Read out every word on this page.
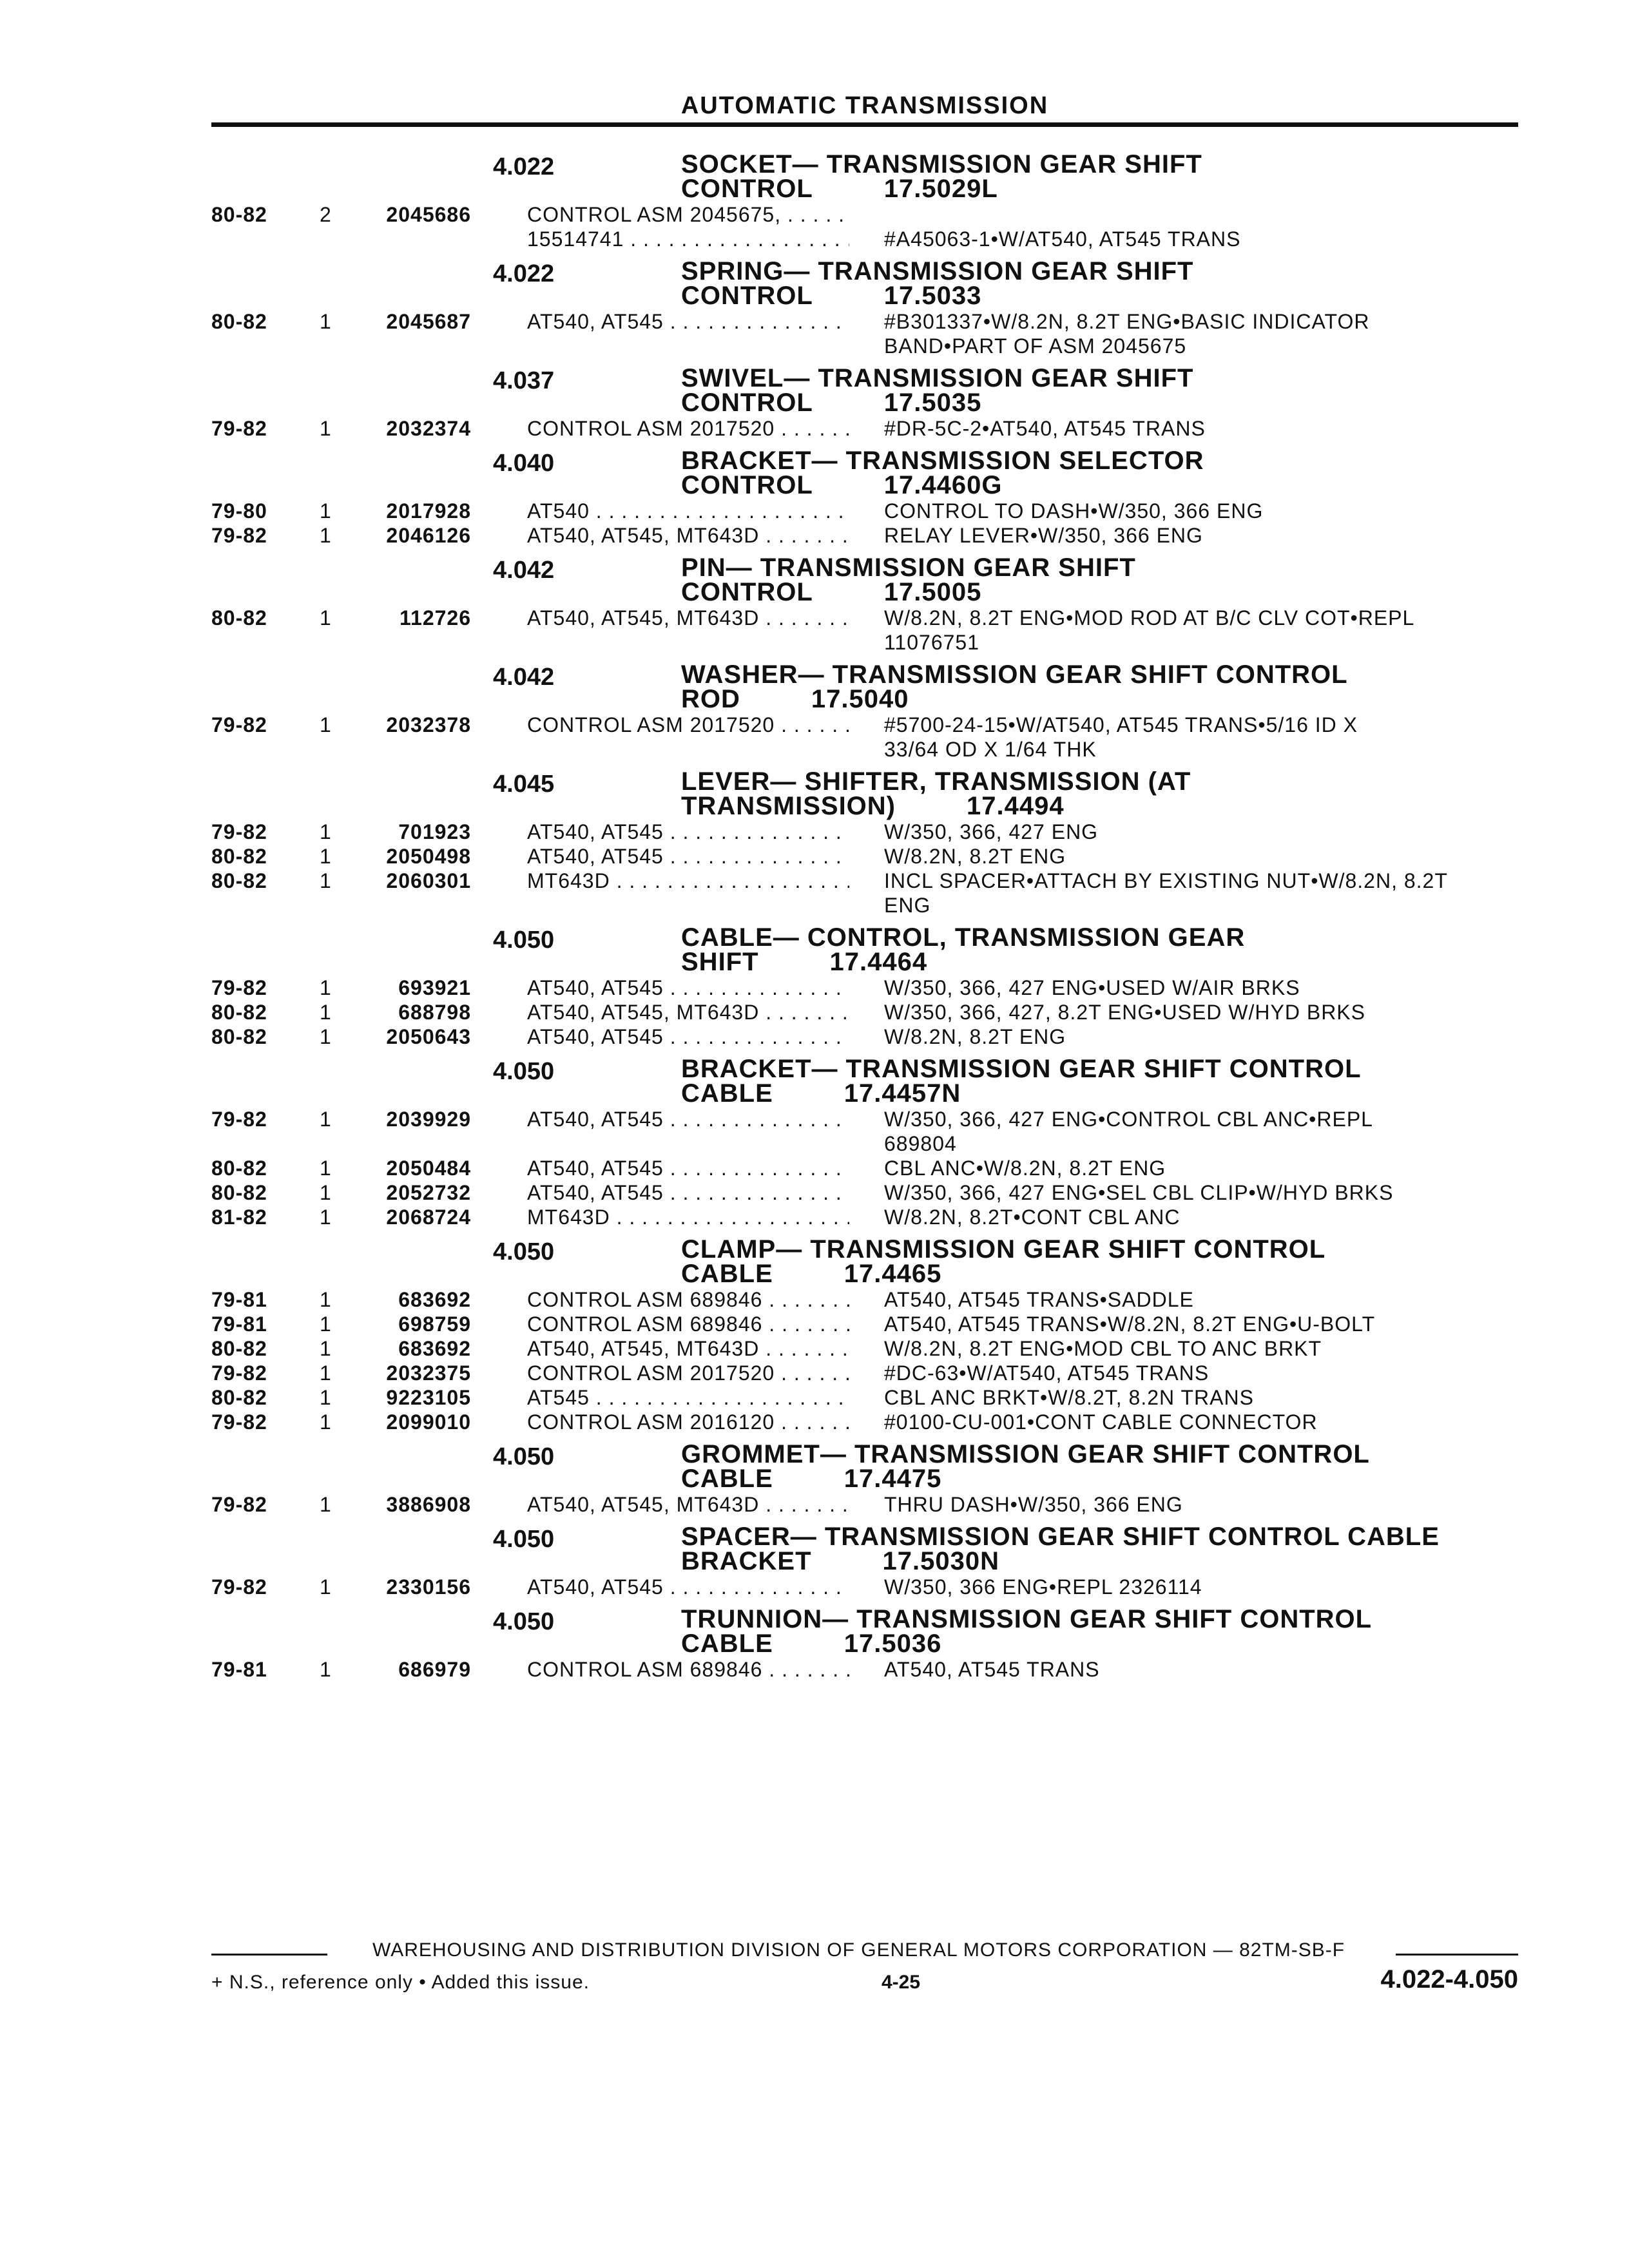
AUTOMATIC TRANSMISSION
4.022	SOCKET— TRANSMISSION GEAR SHIFT
CONTROL	17.5029L
80-82	2	2045686	CONTROL ASM 2045675, . . .

15514741 . . .	#A45063-1•W/AT540, AT545 TRANS
4.022	SPRING— TRANSMISSION GEAR SHIFT
CONTROL	17.5033
80-82	1	2045687	AT540, AT545 . . .	#B301337•W/8.2N, 8.2T ENG•BASIC INDICATOR
BAND•PART OF ASM 2045675
4.037	SWIVEL— TRANSMISSION GEAR SHIFT
CONTROL	17.5035
79-82	1	2032374	CONTROL ASM 2017520 . . .	#DR-5C-2•AT540, AT545 TRANS
4.040	BRACKET— TRANSMISSION SELECTOR
CONTROL	17.4460G
79-80	1	2017928	AT540 . . .	CONTROL TO DASH•W/350, 366 ENG
79-82	1	2046126	AT540, AT545, MT643D . . .	RELAY LEVER•W/350, 366 ENG
4.042	PIN— TRANSMISSION GEAR SHIFT
CONTROL	17.5005
80-82	1	112726	AT540, AT545, MT643D . . .	W/8.2N, 8.2T ENG•MOD ROD AT B/C CLV COT•REPL
11076751
4.042	WASHER— TRANSMISSION GEAR SHIFT CONTROL
ROD	17.5040
79-82	1	2032378	CONTROL ASM 2017520 . . .	#5700-24-15•W/AT540, AT545 TRANS•5/16 ID X
33/64 OD X 1/64 THK
4.045	LEVER— SHIFTER, TRANSMISSION (AT
TRANSMISSION)	17.4494
79-82	1	701923	AT540, AT545 . . .	W/350, 366, 427 ENG
80-82	1	2050498	AT540, AT545 . . .	W/8.2N, 8.2T ENG
80-82	1	2060301	MT643D . . .	INCL SPACER•ATTACH BY EXISTING NUT•W/8.2N, 8.2T
ENG
4.050	CABLE— CONTROL, TRANSMISSION GEAR
SHIFT	17.4464
79-82	1	693921	AT540, AT545 . . .	W/350, 366, 427 ENG•USED W/AIR BRKS
80-82	1	688798	AT540, AT545, MT643D . . .	W/350, 366, 427, 8.2T ENG•USED W/HYD BRKS
80-82	1	2050643	AT540, AT545 . . .	W/8.2N, 8.2T ENG
4.050	BRACKET— TRANSMISSION GEAR SHIFT CONTROL
CABLE	17.4457N
79-82	1	2039929	AT540, AT545 . . .	W/350, 366, 427 ENG•CONTROL CBL ANC•REPL
689804
80-82	1	2050484	AT540, AT545 . . .	CBL ANC•W/8.2N, 8.2T ENG
80-82	1	2052732	AT540, AT545 . . .	W/350, 366, 427 ENG•SEL CBL CLIP•W/HYD BRKS
81-82	1	2068724	MT643D . . .	W/8.2N, 8.2T•CONT CBL ANC
4.050	CLAMP— TRANSMISSION GEAR SHIFT CONTROL
CABLE	17.4465
79-81	1	683692	CONTROL ASM 689846 . . .	AT540, AT545 TRANS•SADDLE
79-81	1	698759	CONTROL ASM 689846 . . .	AT540, AT545 TRANS•W/8.2N, 8.2T ENG•U-BOLT
80-82	1	683692	AT540, AT545, MT643D . . .	W/8.2N, 8.2T ENG•MOD CBL TO ANC BRKT
79-82	1	2032375	CONTROL ASM 2017520 . . .	#DC-63•W/AT540, AT545 TRANS
80-82	1	9223105	AT545 . . .	CBL ANC BRKT•W/8.2T, 8.2N TRANS
79-82	1	2099010	CONTROL ASM 2016120 . . .	#0100-CU-001•CONT CABLE CONNECTOR
4.050	GROMMET— TRANSMISSION GEAR SHIFT CONTROL
CABLE	17.4475
79-82	1	3886908	AT540, AT545, MT643D . . .	THRU DASH•W/350, 366 ENG
4.050	SPACER— TRANSMISSION GEAR SHIFT CONTROL CABLE
BRACKET	17.5030N
79-82	1	2330156	AT540, AT545 . . .	W/350, 366 ENG•REPL 2326114
4.050	TRUNNION— TRANSMISSION GEAR SHIFT CONTROL
CABLE	17.5036
79-81	1	686979	CONTROL ASM 689846 . . .	AT540, AT545 TRANS
WAREHOUSING AND DISTRIBUTION DIVISION OF GENERAL MOTORS CORPORATION — 82TM-SB-F
+ N.S., reference only • Added this issue.	4-25	4.022-4.050
